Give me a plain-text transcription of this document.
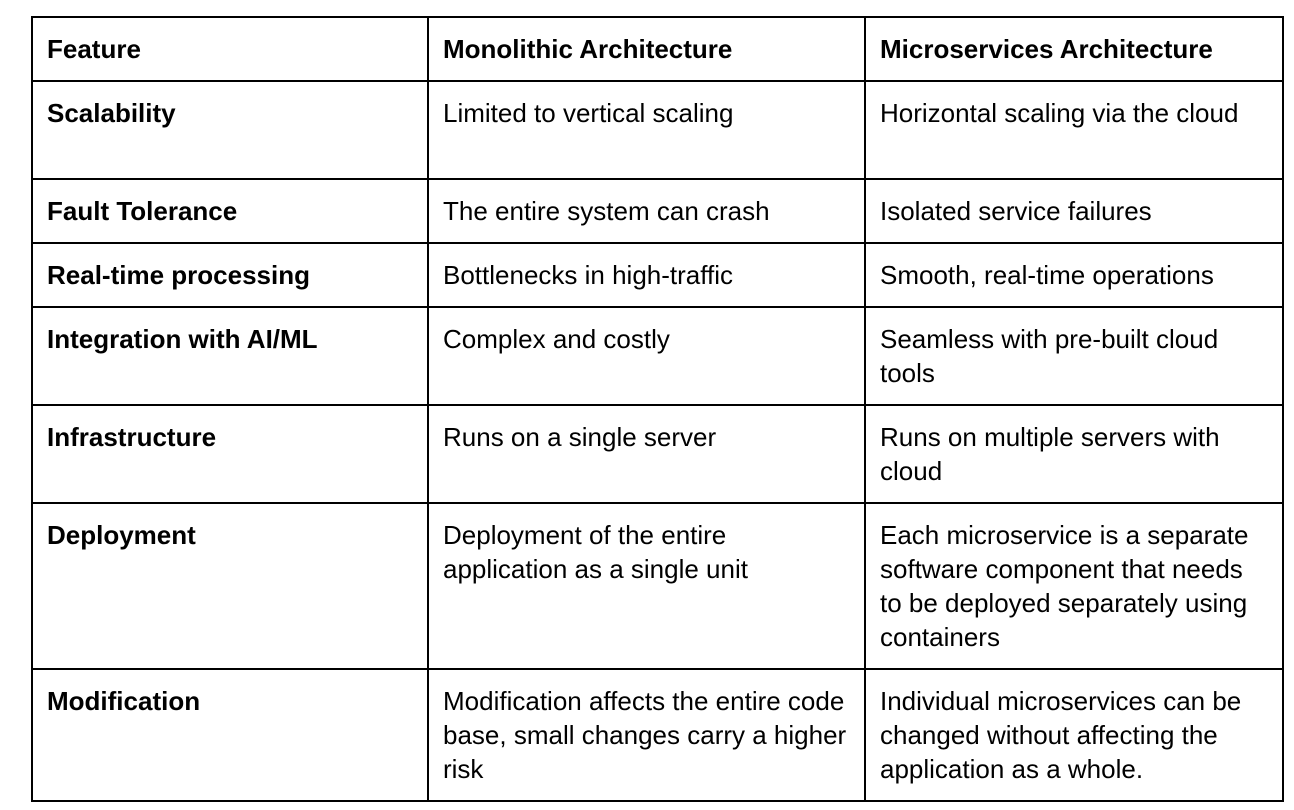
Feature	Monolithic Architecture	Microservices Architecture
Scalability	Limited to vertical scaling	Horizontal scaling via the cloud
Fault Tolerance	The entire system can crash	Isolated service failures
Real-time processing	Bottlenecks in high-traffic	Smooth, real-time operations
Integration with AI/ML	Complex and costly	Seamless with pre-built cloud tools
Infrastructure	Runs on a single server	Runs on multiple servers with cloud
Deployment	Deployment of the entire application as a single unit	Each microservice is a separate software component that needs to be deployed separately using containers
Modification	Modification affects the entire code base, small changes carry a higher risk	Individual microservices can be changed without affecting the application as a whole.
